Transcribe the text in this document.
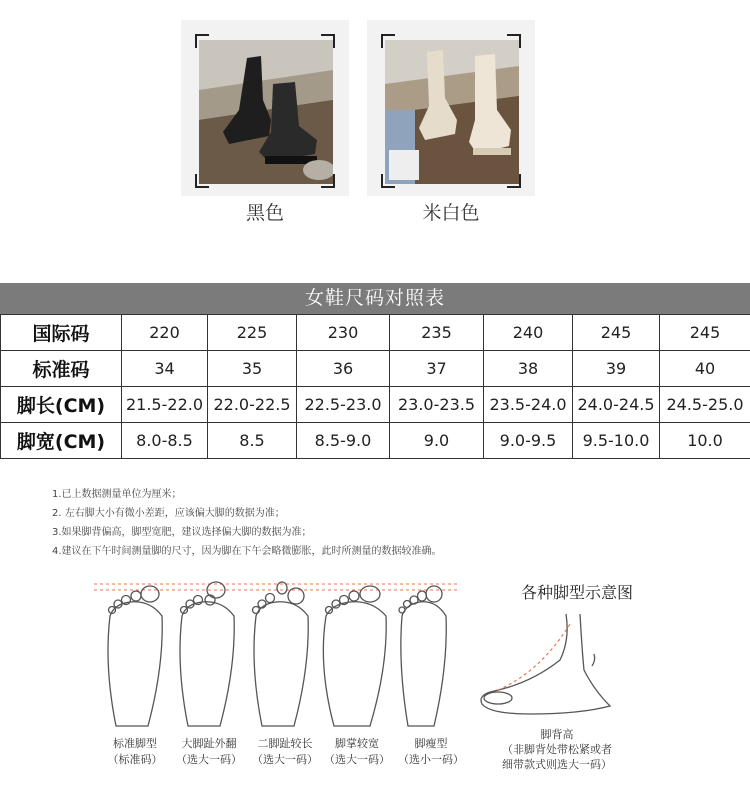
黑色	米白色
女鞋尺码对照表
国际码	220	225	230	235	240	245	245
标准码	34	35	36	37	38	39	40
脚长(CM)	21.5-22.0	22.0-22.5	22.5-23.0	23.0-23.5	23.5-24.0	24.0-24.5	24.5-25.0
脚宽(CM)	8.0-8.5	8.5	8.5-9.0	9.0	9.0-9.5	9.5-10.0	10.0
1.已上数据测量单位为厘米；
2. 左右脚大小有微小差距，应该偏大脚的数据为准；
3.如果脚背偏高，脚型宽肥，建议选择偏大脚的数据为准；
4.建议在下午时间测量脚的尺寸，因为脚在下午会略微膨胀，此时所测量的数据较准确。
标准脚型
（标准码）
大脚趾外翻
（选大一码）
二脚趾较长
（选大一码）
脚掌较宽
（选大一码）
脚瘦型
（选小一码）
各种脚型示意图
脚背高
（非脚背处带松紧或者
细带款式则选大一码）
